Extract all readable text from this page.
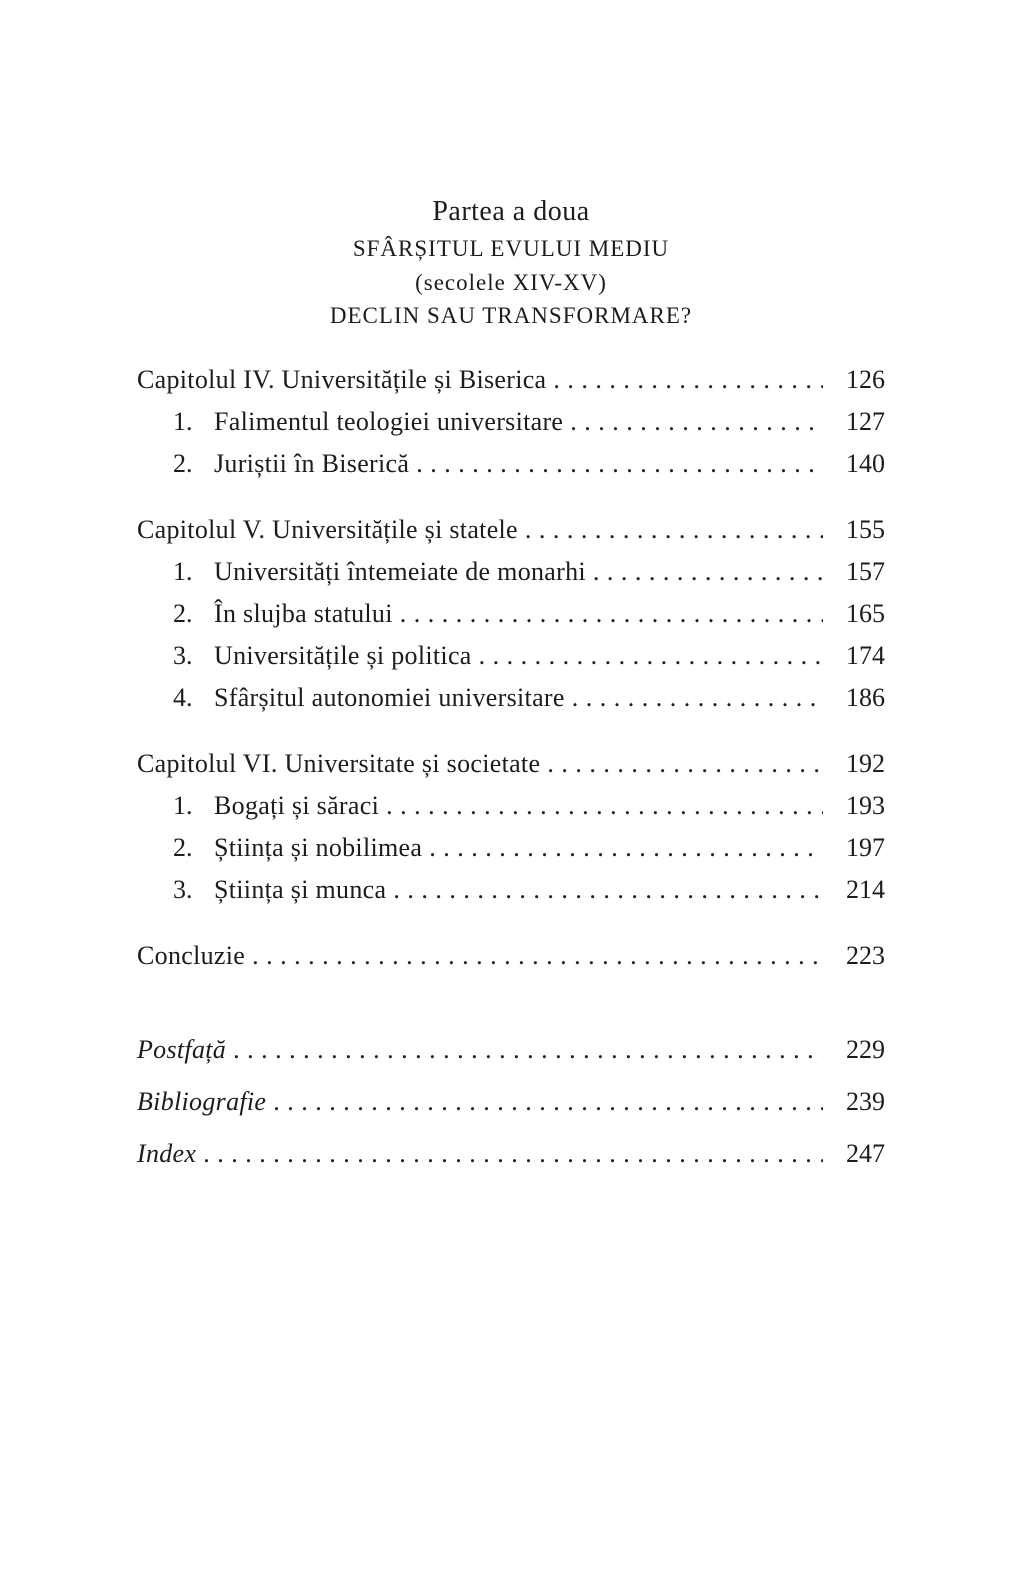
Partea a doua
SFÂRȘITUL EVULUI MEDIU
(secolele XIV-XV)
DECLIN SAU TRANSFORMARE?
Capitolul IV. Universitățile și Biserica . . .	126
1. Falimentul teologiei universitare . . .	127
2. Juriștii în Biserică . . .	140
Capitolul V. Universitățile și statele . . .	155
1. Universități întemeiate de monarhi . . .	157
2. În slujba statului . . .	165
3. Universitățile și politica . . .	174
4. Sfârșitul autonomiei universitare . . .	186
Capitolul VI. Universitate și societate . . .	192
1. Bogați și săraci . . .	193
2. Știința și nobilimea . . .	197
3. Știința și munca . . .	214
Concluzie . . .	223
Postfață . . .	229
Bibliografie . . .	239
Index . . .	247
